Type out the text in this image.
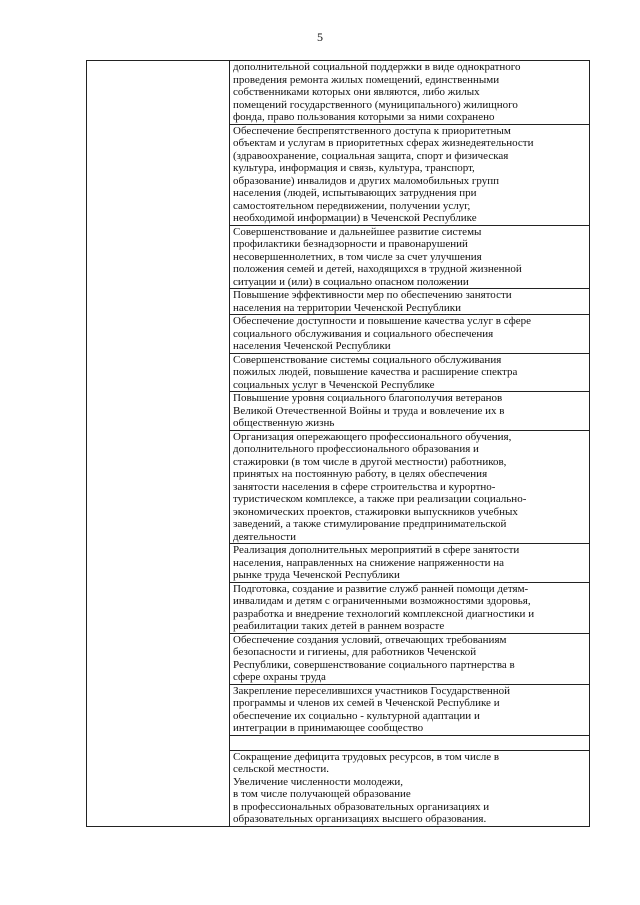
5

дополнительной социальной поддержки в виде однократного
проведения ремонта жилых помещений, единственными
собственниками которых они являются, либо жилых
помещений государственного (муниципального) жилищного
фонда, право пользования которыми за ними сохранено

Обеспечение беспрепятственного доступа к приоритетным
объектам и услугам в приоритетных сферах жизнедеятельности
(здравоохранение, социальная защита, спорт и физическая
культура, информация и связь, культура, транспорт,
образование) инвалидов и других маломобильных групп
населения (людей, испытывающих затруднения при
самостоятельном передвижении, получении услуг,
необходимой информации) в Чеченской Республике

Совершенствование и дальнейшее развитие системы
профилактики безнадзорности и правонарушений
несовершеннолетних, в том числе за счет улучшения
положения семей и детей, находящихся в трудной жизненной
ситуации и (или) в социально опасном положении

Повышение эффективности мер по обеспечению занятости
населения на территории Чеченской Республики

Обеспечение доступности и повышение качества услуг в сфере
социального обслуживания и социального обеспечения
населения Чеченской Республики

Совершенствование системы социального обслуживания
пожилых людей, повышение качества и расширение спектра
социальных услуг в Чеченской Республике

Повышение уровня социального благополучия ветеранов
Великой Отечественной Войны и труда и вовлечение их в
общественную жизнь

Организация опережающего профессионального обучения,
дополнительного профессионального образования и
стажировки (в том числе в другой местности) работников,
принятых на постоянную работу, в целях обеспечения
занятости населения в сфере строительства и курортно-
туристическом комплексе, а также при реализации социально-
экономических проектов, стажировки выпускников учебных
заведений, а также стимулирование предпринимательской
деятельности

Реализация дополнительных мероприятий в сфере занятости
населения, направленных на снижение напряженности на
рынке труда Чеченской Республики

Подготовка, создание и развитие служб ранней помощи детям-
инвалидам и детям с ограниченными возможностями здоровья,
разработка и внедрение технологий комплексной диагностики и
реабилитации таких детей в раннем возрасте

Обеспечение создания условий, отвечающих требованиям
безопасности и гигиены, для работников Чеченской
Республики, совершенствование социального партнерства в
сфере охраны труда

Закрепление переселившихся участников Государственной
программы и членов их семей в Чеченской Республике и
обеспечение их социально - культурной адаптации и
интеграции в принимающее сообщество

Сокращение дефицита трудовых ресурсов, в том числе в
сельской местности.
Увеличение численности молодежи,
в том числе получающей образование
в профессиональных образовательных организациях и
образовательных организациях высшего образования.
